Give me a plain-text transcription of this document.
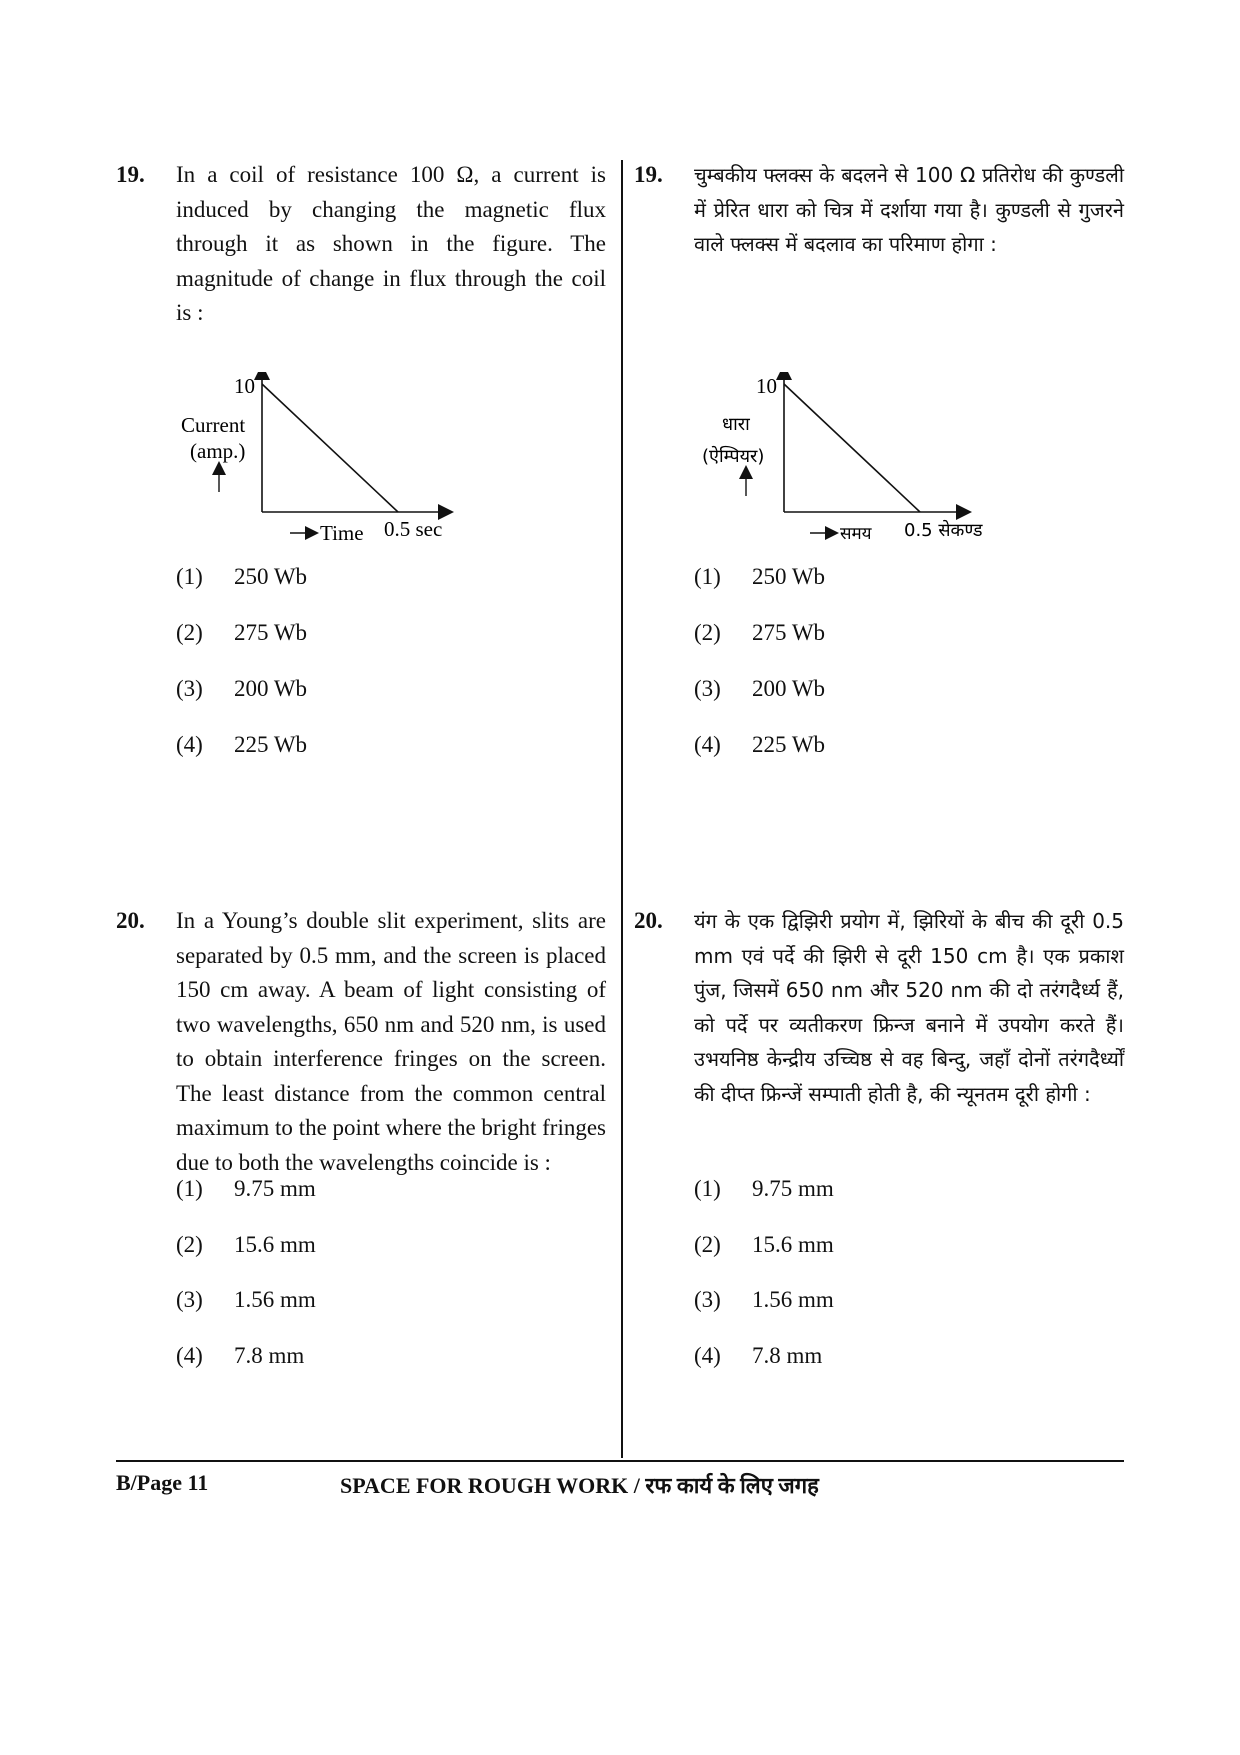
19. In a coil of resistance 100 Ω, a current is induced by changing the magnetic flux through it as shown in the figure. The magnitude of change in flux through the coil is :
10
Current
(amp.)
Time 0.5 sec
(1) 250 Wb
(2) 275 Wb
(3) 200 Wb
(4) 225 Wb
20. In a Young’s double slit experiment, slits are separated by 0.5 mm, and the screen is placed 150 cm away. A beam of light consisting of two wavelengths, 650 nm and 520 nm, is used to obtain interference fringes on the screen. The least distance from the common central maximum to the point where the bright fringes due to both the wavelengths coincide is :
(1) 9.75 mm
(2) 15.6 mm
(3) 1.56 mm
(4) 7.8 mm
19. चुम्बकीय फ्लक्स के बदलने से 100 Ω प्रतिरोध की कुण्डली में प्रेरित धारा को चित्र में दर्शाया गया है। कुण्डली से गुजरने वाले फ्लक्स में बदलाव का परिमाण होगा :
10
धारा
(ऐम्पियर)
समय 0.5 सेकण्ड
(1) 250 Wb
(2) 275 Wb
(3) 200 Wb
(4) 225 Wb
20. यंग के एक द्विझिरी प्रयोग में, झिरियों के बीच की दूरी 0.5 mm एवं पर्दे की झिरी से दूरी 150 cm है। एक प्रकाश पुंज, जिसमें 650 nm और 520 nm की दो तरंगदैर्ध्य हैं, को पर्दे पर व्यतीकरण फ्रिन्ज बनाने में उपयोग करते हैं। उभयनिष्ठ केन्द्रीय उच्चिष्ठ से वह बिन्दु, जहाँ दोनों तरंगदैर्ध्यों की दीप्त फ्रिन्जें सम्पाती होती है, की न्यूनतम दूरी होगी :
(1) 9.75 mm
(2) 15.6 mm
(3) 1.56 mm
(4) 7.8 mm
B/Page 11	SPACE FOR ROUGH WORK / रफ कार्य के लिए जगह
